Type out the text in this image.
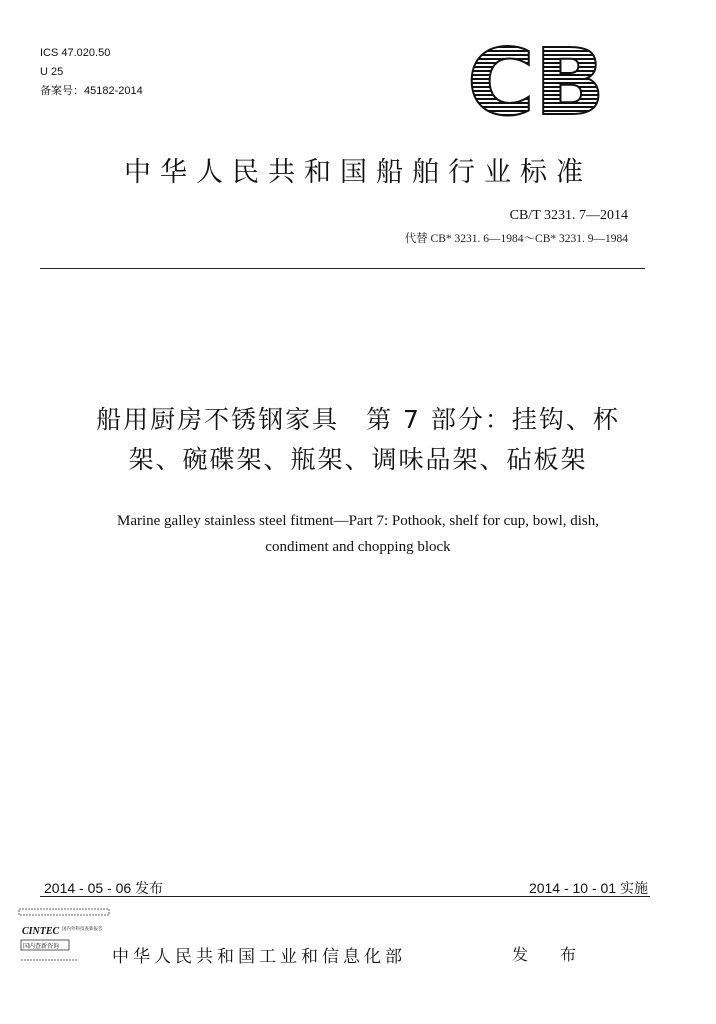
ICS 47.020.50
U 25
备案号：45182-2014	CB
中华人民共和国船舶行业标准
CB/T 3231. 7—2014
代替 CB* 3231. 6—1984～CB* 3231. 9—1984
船用厨房不锈钢家具　第 7 部分：挂钩、杯
架、碗碟架、瓶架、调味品架、砧板架
Marine galley stainless steel fitment—Part 7: Pothook, shelf for cup, bowl, dish,
condiment and chopping block
2014 - 05 - 06 发布	2014 - 10 - 01 实施
CINTEC 国内外科技查新报告
国内查新咨询
中华人民共和国工业和信息化部	发　布
